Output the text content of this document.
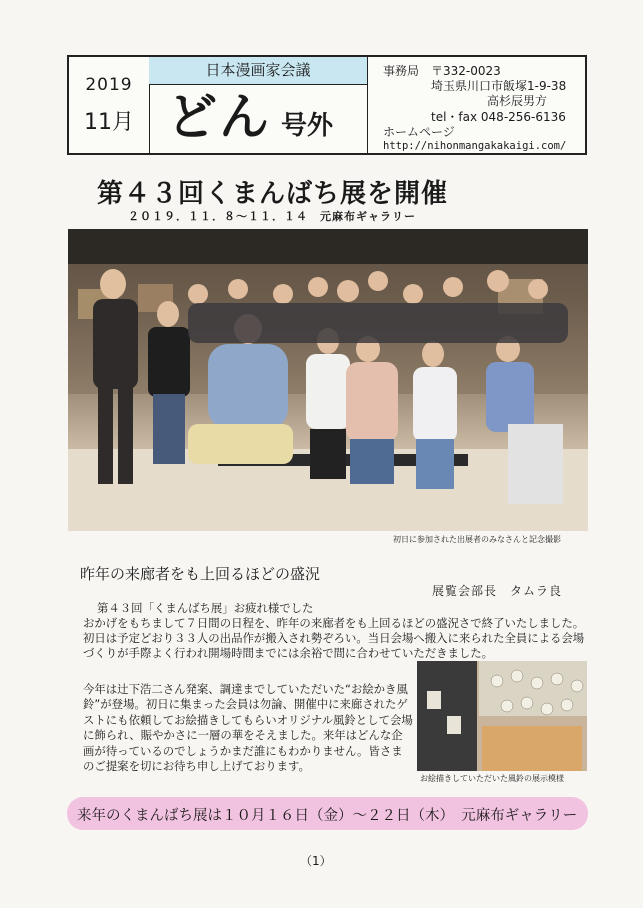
2019
11月
日本漫画家会議
どん 号外
事務局 〒332-0023
埼玉県川口市飯塚1-9-38
高杉辰男方
tel・fax 048-256-6136
ホームページ
http://nihonmangakakaigi.com/
第４３回くまんばち展を開催
２０１９．１１．８～１１．１４　元麻布ギャラリー
初日に参加された出展者のみなさんと記念撮影
昨年の来廊者をも上回るほどの盛況
展覧会部長　タムラ良
第４３回「くまんばち展」お疲れ様でした
おかげをもちまして７日間の日程を、昨年の来廊者をも上回るほどの盛況さで終了いたしました。初日は予定どおり３３人の出品作が搬入され勢ぞろい。当日会場へ搬入に来られた全員による会場づくりが手際よく行われ開場時間までには余裕で間に合わせていただきました。
今年は辻下浩二さん発案、調達までしていただいた“お絵かき風鈴”が登場。初日に集まった会員は勿論、開催中に来廊されたゲストにも依頼してお絵描きしてもらいオリジナル風鈴として会場に飾られ、賑やかさに一層の華をそえました。来年はどんな企画が待っているのでしょうかまだ誰にもわかりません。皆さまのご提案を切にお待ち申し上げております。
お絵描きしていただいた風鈴の展示模様
来年のくまんばち展は１０月１６日（金）～２２日（木）　元麻布ギャラリー
（1）
